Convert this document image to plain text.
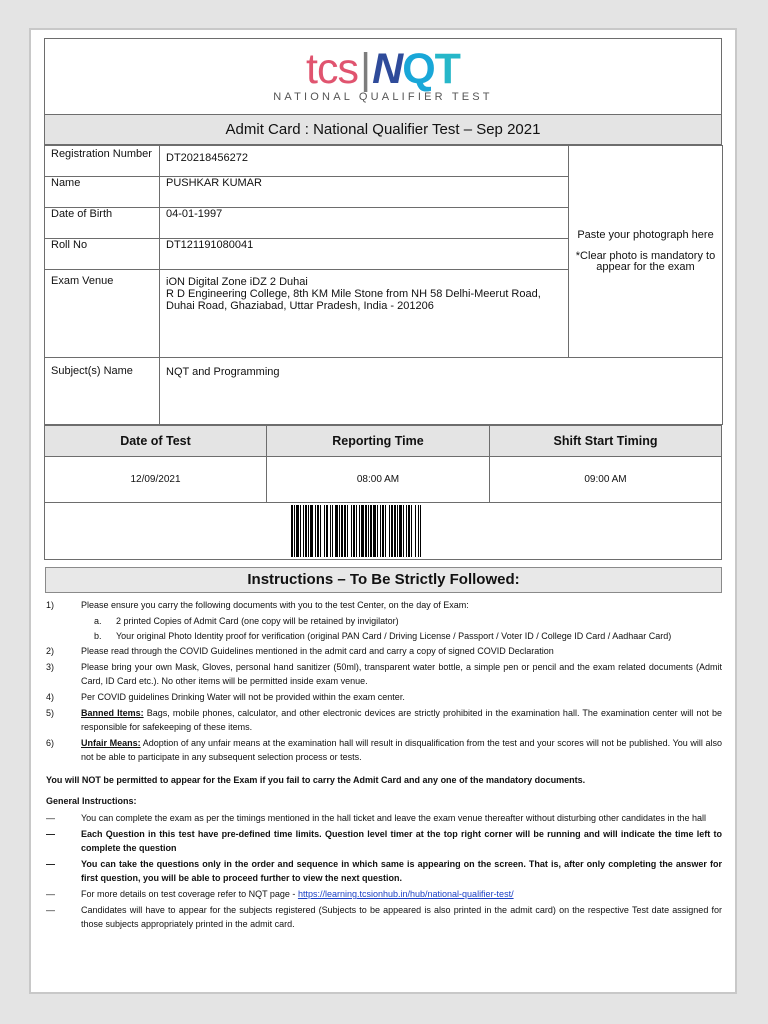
tcs|NQT
NATIONAL QUALIFIER TEST
Admit Card : National Qualifier Test – Sep 2021
Registration Number	DT20218456272	Paste your photograph here
*Clear photo is mandatory to appear for the exam

Name	PUSHKAR KUMAR	
Date of Birth	04-01-1997	
Roll No	DT121191080041	
Exam Venue	iON Digital Zone iDZ 2 Duhai
R D Engineering College, 8th KM Mile Stone from NH 58 Delhi-Meerut Road, Duhai Road, Ghaziabad, Uttar Pradesh, India - 201206	

Subject(s) Name	NQT and Programming	
Date of Test	Reporting Time	Shift Start Timing
12/09/2021	08:00 AM	09:00 AM
Instructions – To Be Strictly Followed:
1)	Please ensure you carry the following documents with you to the test Center, on the day of Exam:
a.	2 printed Copies of Admit Card (one copy will be retained by invigilator)
b.	Your original Photo Identity proof for verification (original PAN Card / Driving License / Passport / Voter ID / College ID Card / Aadhaar Card)
2)	Please read through the COVID Guidelines mentioned in the admit card and carry a copy of signed COVID Declaration
3)	Please bring your own Mask, Gloves, personal hand sanitizer (50ml), transparent water bottle, a simple pen or pencil and the exam related documents (Admit Card, ID Card etc.). No other items will be permitted inside exam venue.
4)	Per COVID guidelines Drinking Water will not be provided within the exam center.
5)	Banned Items: Bags, mobile phones, calculator, and other electronic devices are strictly prohibited in the examination hall. The examination center will not be responsible for safekeeping of these items.
6)	Unfair Means: Adoption of any unfair means at the examination hall will result in disqualification from the test and your scores will not be published. You will also not be able to participate in any subsequent selection process or tests.
You will NOT be permitted to appear for the Exam if you fail to carry the Admit Card and any one of the mandatory documents.
General Instructions:
—	You can complete the exam as per the timings mentioned in the hall ticket and leave the exam venue thereafter without disturbing other candidates in the hall
—	Each Question in this test have pre-defined time limits. Question level timer at the top right corner will be running and will indicate the time left to complete the question
—	You can take the questions only in the order and sequence in which same is appearing on the screen. That is, after only completing the answer for first question, you will be able to proceed further to view the next question.
—	For more details on test coverage refer to NQT page - https://learning.tcsionhub.in/hub/national-qualifier-test/
—	Candidates will have to appear for the subjects registered (Subjects to be appeared is also printed in the admit card) on the respective Test date assigned for those subjects appropriately printed in the admit card.
